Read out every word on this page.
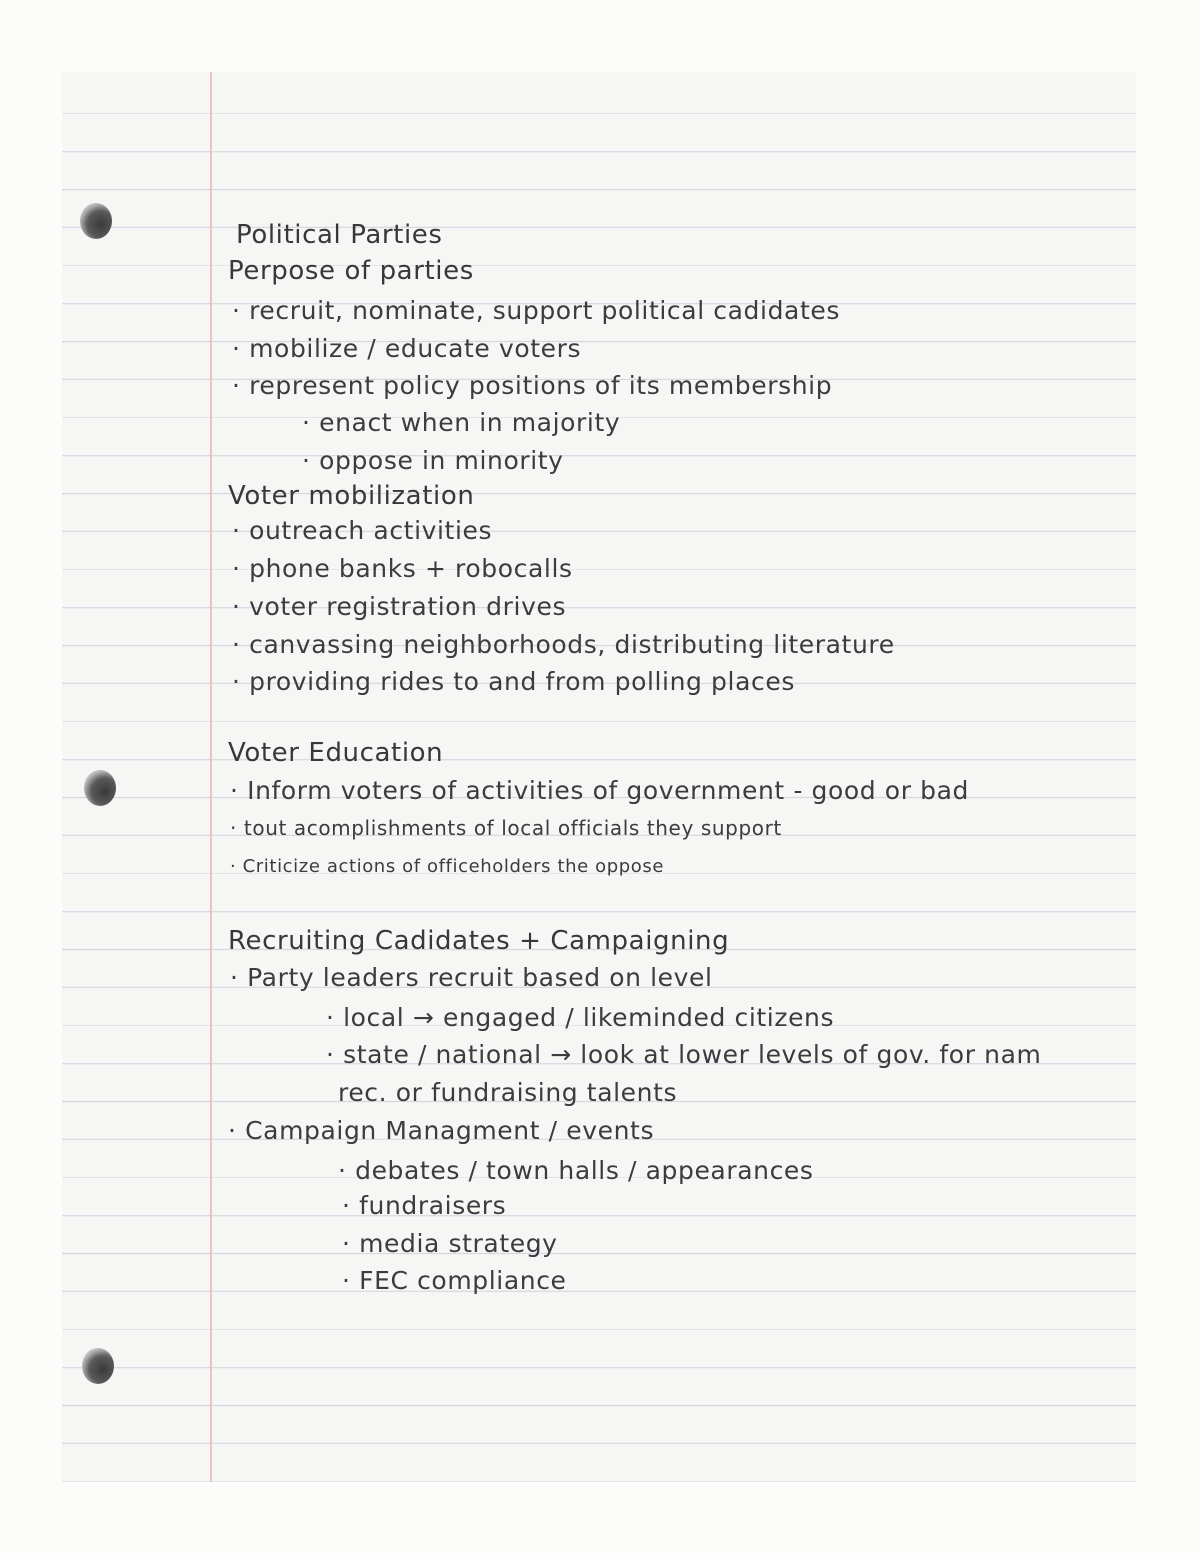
Political Parties

Perpose of parties

· recruit, nominate, support political cadidates

· mobilize / educate voters

· represent policy positions of its membership

· enact when in majority

· oppose in minority

Voter mobilization

· outreach activities

· phone banks + robocalls

· voter registration drives

· canvassing neighborhoods, distributing literature

· providing rides to and from polling places

Voter Education

· Inform voters of activities of government - good or bad

· tout acomplishments of local officials they support

· Criticize actions of officeholders the oppose

Recruiting Cadidates + Campaigning

· Party leaders recruit based on level

· local → engaged / likeminded citizens

· state / national → look at lower levels of gov. for nam

rec. or fundraising talents

· Campaign Managment / events

· debates / town halls / appearances

· fundraisers

· media strategy

· FEC compliance
